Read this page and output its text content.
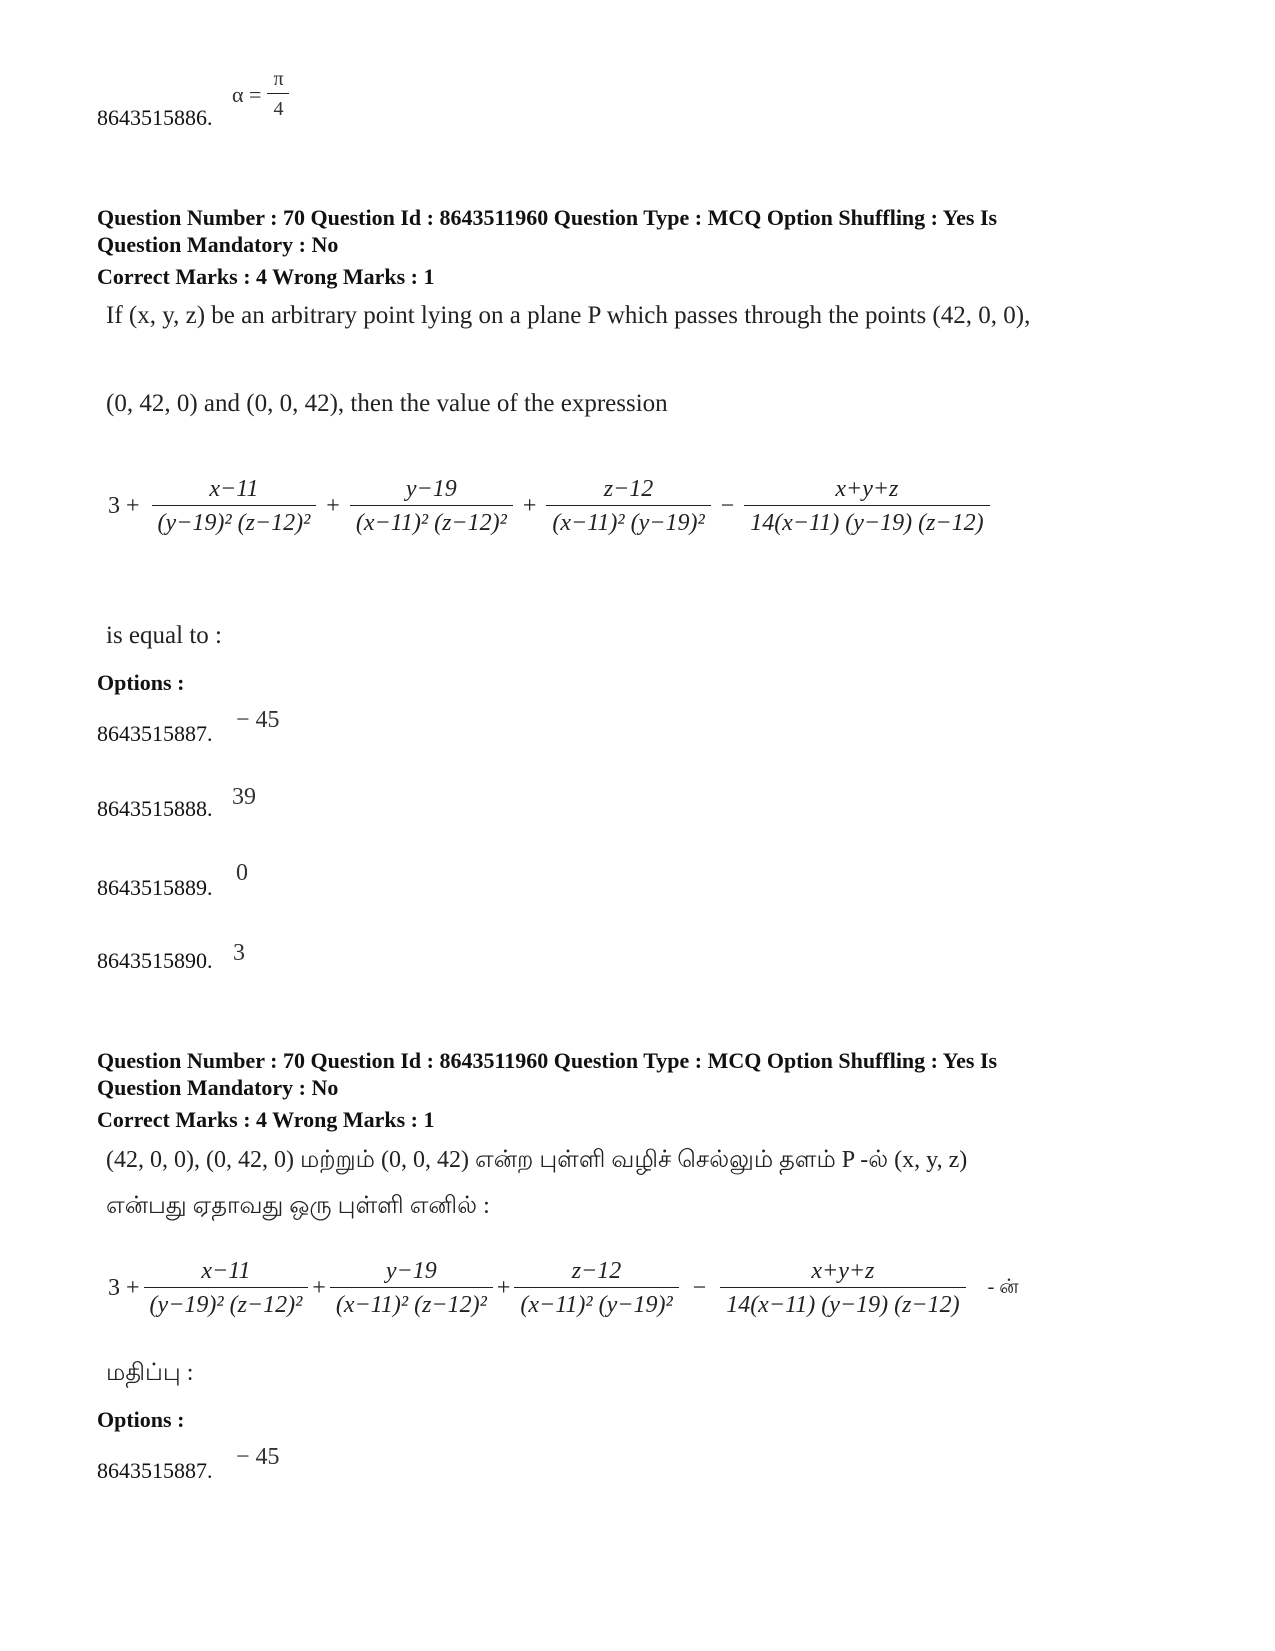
$\alpha = \frac{\pi}{4}$
8643515886.
Question Number : 70 Question Id : 8643511960 Question Type : MCQ Option Shuffling : Yes Is
Question Mandatory : No
Correct Marks : 4 Wrong Marks : 1
If (x, y, z) be an arbitrary point lying on a plane P which passes through the points (42, 0, 0),
(0, 42, 0) and (0, 0, 42), then the value of the expression
$3 + \frac{x-11}{\text{(y−19)² (z−12)²}} + \frac{y-19}{\text{(x−11)² (z−12)²}} + \frac{z-12}{\text{(x−11)² (y−19)²}} - \frac{x+y+z}{14(x-11) (y-19) (z-12)}$
is equal to :
Options :
8643515887.
− 45
8643515888. 39
8643515889.
0
8643515890. 3
Question Number : 70 Question Id : 8643511960 Question Type : MCQ Option Shuffling : Yes Is
Question Mandatory : No
Correct Marks : 4 Wrong Marks : 1
(42, 0, 0), (0, 42, 0) மற்றும் (0, 0, 42) என்ற புள்ளி வழிச் செல்லும் தளம் P -ல் (x, y, z)
என்பது ஏதாவது ஒரு புள்ளி எனில் :
$3 + \frac{x-11}{\text{(y−19)² (z−12)²}} + \frac{y-19}{\text{(x−11)² (z−12)²}} + \frac{z-12}{\text{(x−11)² (y−19)²}} - \frac{x+y+z}{14(x-11) (y-19) (z-12)}$ - ன்
மதிப்பு :
Options :
8643515887.
− 45
